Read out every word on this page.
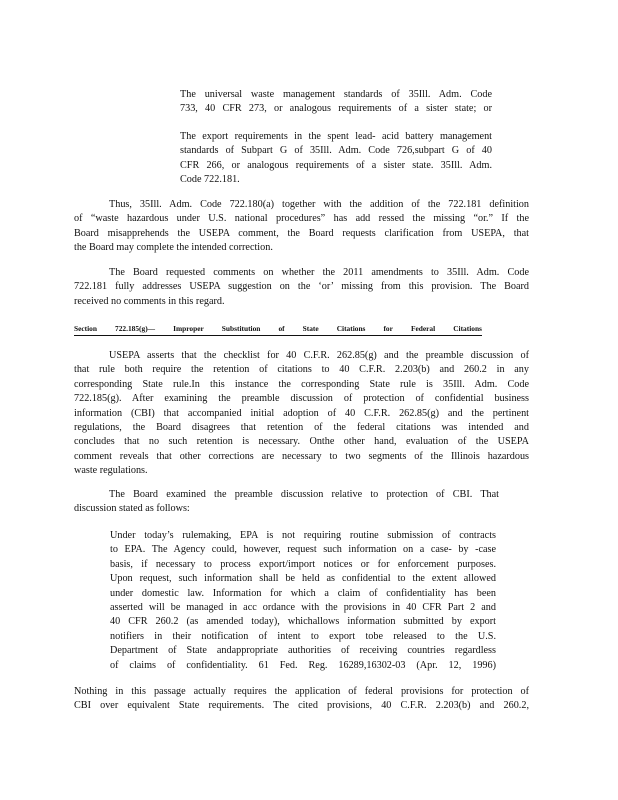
The universal waste management standards of 35Ill. Adm. Code
733, 40 CFR 273, or analogous requirements of a sister state; or
The export requirements in the spent lead- acid battery management
standards of Subpart G of 35Ill. Adm. Code 726,subpart G of 40
CFR 266, or analogous requirements of a sister state. 35Ill. Adm.
Code 722.181.
Thus, 35Ill. Adm. Code 722.180(a) together with the addition of the 722.181 definition
of “waste hazardous under U.S. national procedures” has add ressed the missing “or.” If the
Board misapprehends the USEPA comment, the Board requests clarification from USEPA, that
the Board may complete the intended correction.
The Board requested comments on whether the 2011 amendments to 35Ill. Adm. Code
722.181 fully addresses USEPA suggestion on the ‘or’ missing from this provision. The Board
received no comments in this regard.
Section 722.185(g)— Improper Substitution of State Citations for Federal Citations
USEPA asserts that the checklist for 40 C.F.R. 262.85(g) and the preamble discussion of
that rule both require the retention of citations to 40 C.F.R. 2.203(b) and 260.2 in any
corresponding State rule.In this instance the corresponding State rule is 35Ill. Adm. Code
722.185(g). After examining the preamble discussion of protection of confidential business
information (CBI) that accompanied initial adoption of 40 C.F.R. 262.85(g) and the pertinent
regulations, the Board disagrees that retention of the federal citations was intended and
concludes that no such retention is necessary. Onthe other hand, evaluation of the USEPA
comment reveals that other corrections are necessary to two segments of the Illinois hazardous
waste regulations.
The Board examined the preamble discussion relative to protection of CBI. That
discussion stated as follows:
Under today’s rulemaking, EPA is not requiring routine submission of contracts
to EPA. The Agency could, however, request such information on a case- by -case
basis, if necessary to process export/import notices or for enforcement purposes.
Upon request, such information shall be held as confidential to the extent allowed
under domestic law. Information for which a claim of confidentiality has been
asserted will be managed in acc ordance with the provisions in 40 CFR Part 2 and
40 CFR 260.2 (as amended today), whichallows information submitted by export
notifiers in their notification of intent to export tobe released to the U.S.
Department of State andappropriate authorities of receiving countries regardless
of claims of confidentiality. 61 Fed. Reg. 16289,16302-03 (Apr. 12, 1996)
Nothing in this passage actually requires the application of federal provisions for protection of
CBI over equivalent State requirements. The cited provisions, 40 C.F.R. 2.203(b) and 260.2,
